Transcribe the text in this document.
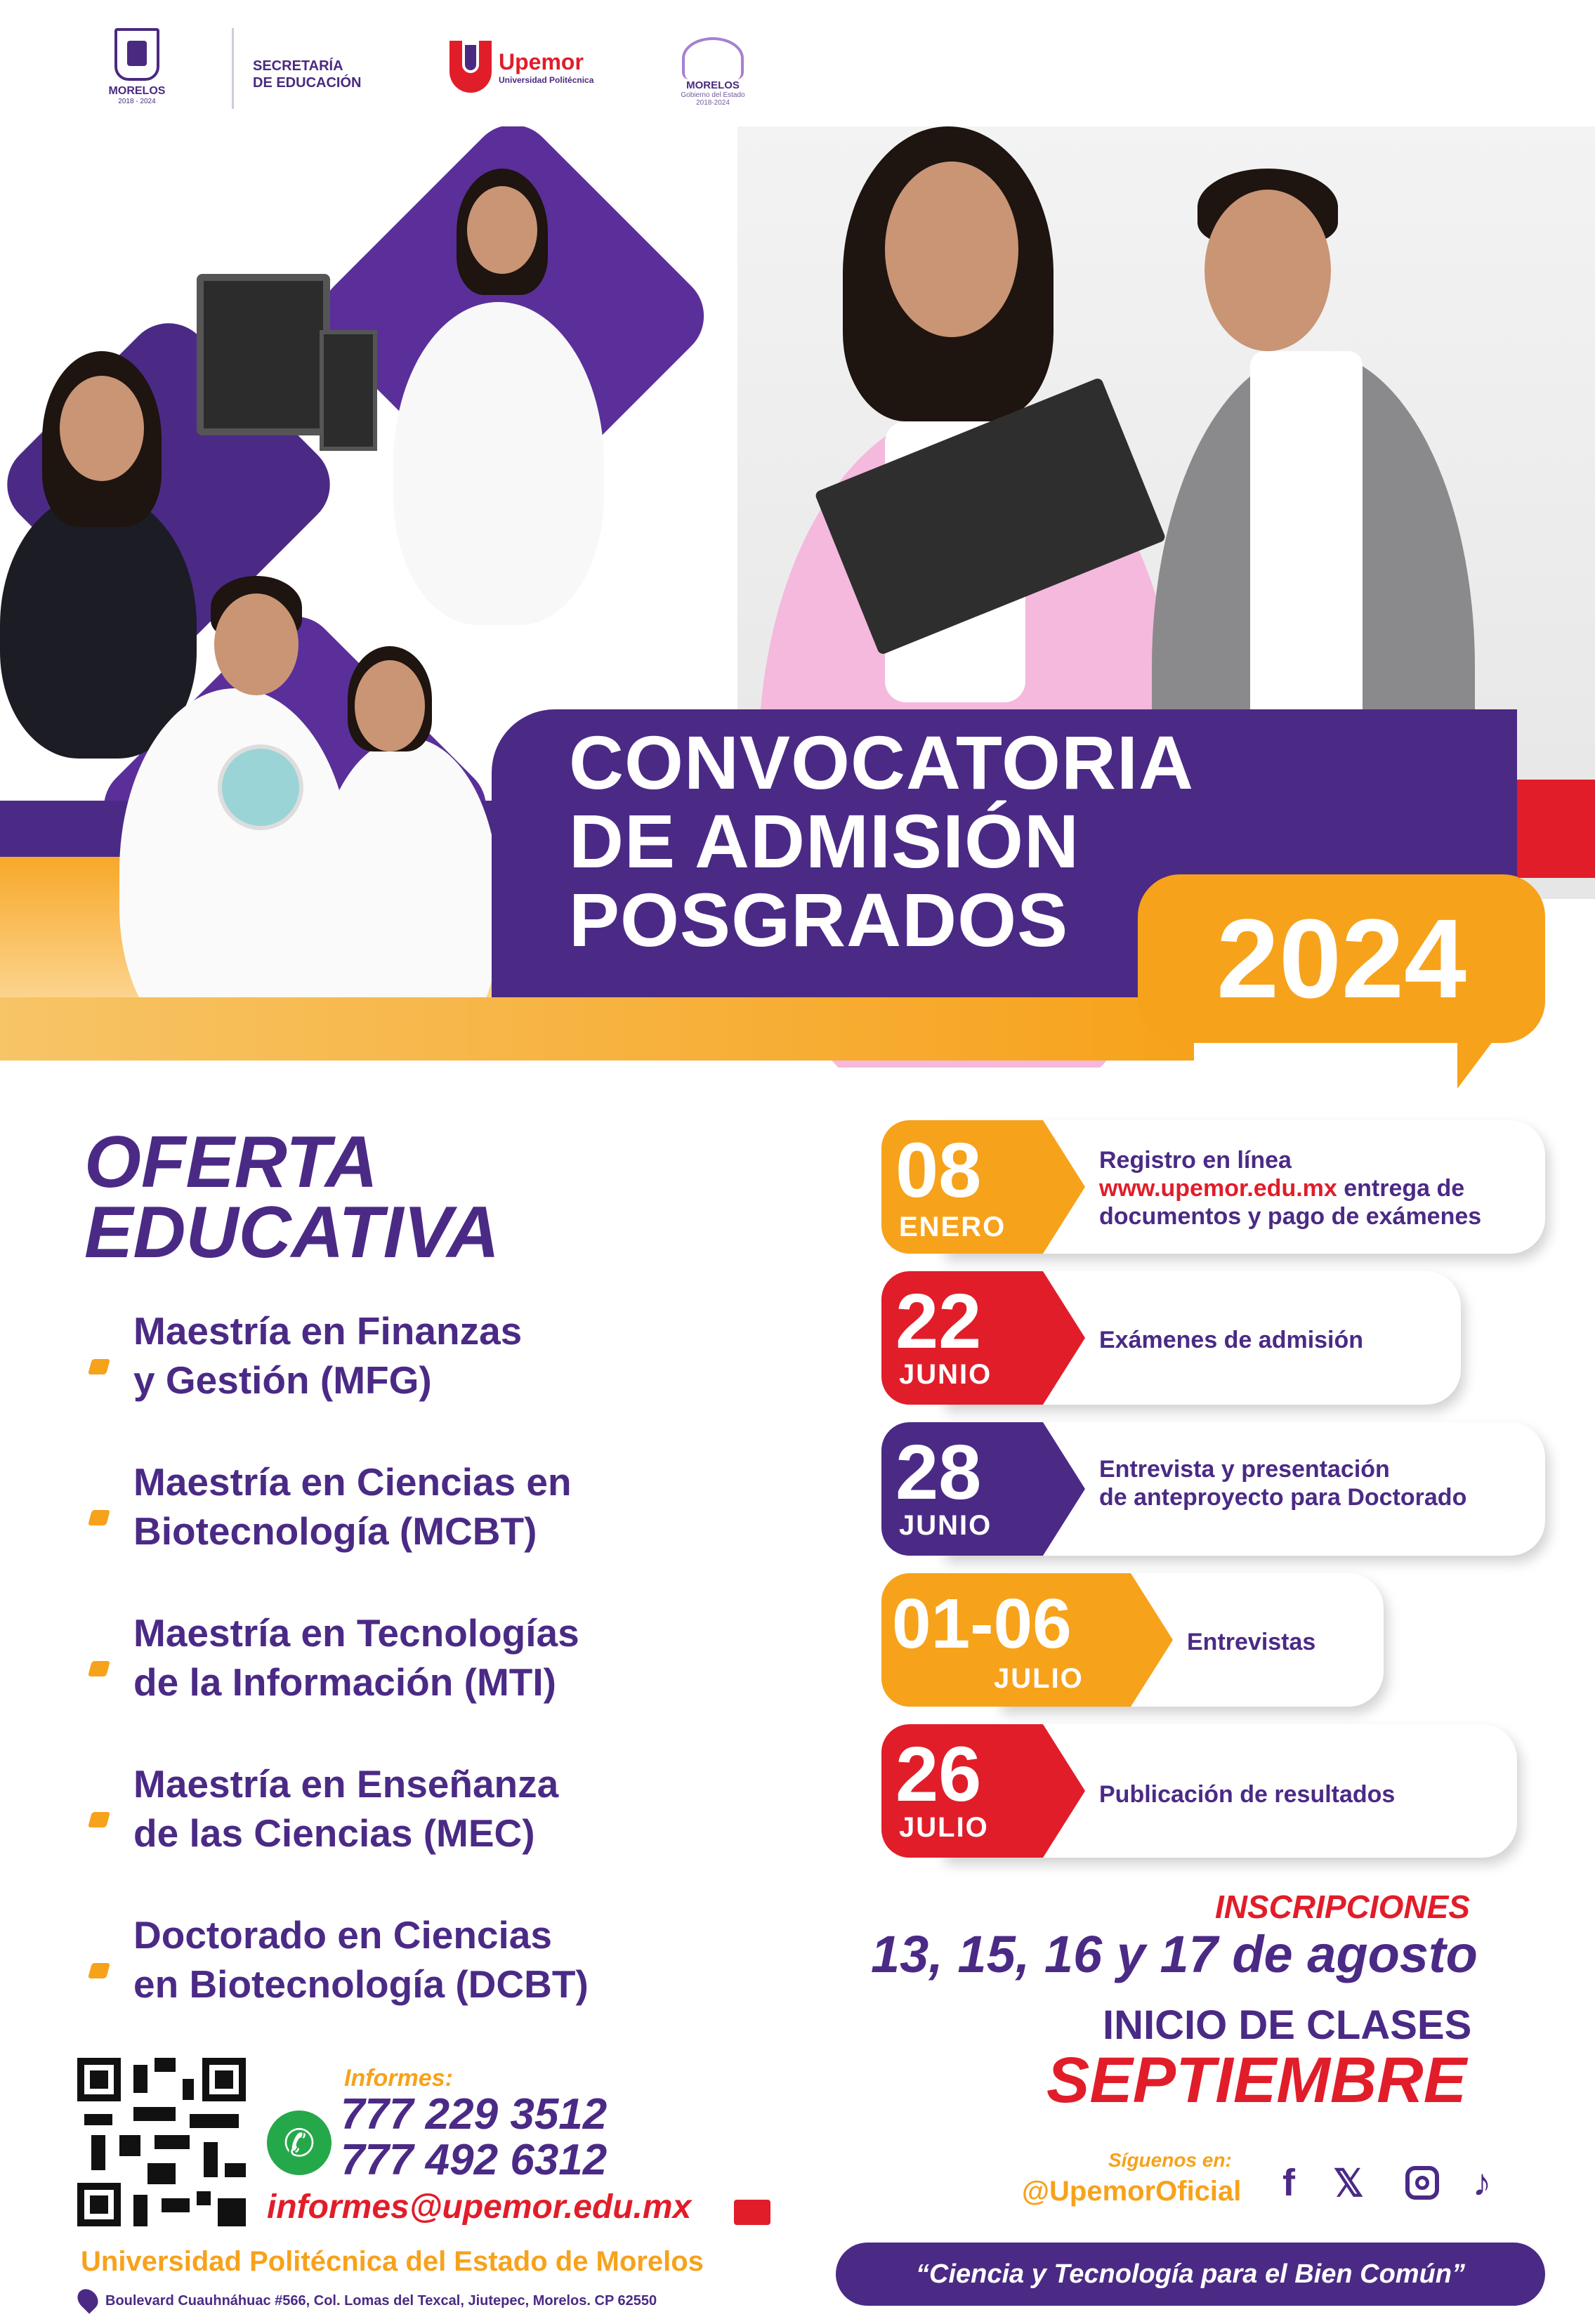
MORELOS
2018 - 2024
SECRETARÍA
DE EDUCACIÓN
Upemor
Universidad Politécnica	MORELOS
Gobierno del Estado
2018-2024
CONVOCATORIA
DE ADMISIÓN
POSGRADOS	2024
OFERTA
EDUCATIVA
Maestría en Finanzas
y Gestión (MFG)
Maestría en Ciencias en
Biotecnología (MCBT)
Maestría en Tecnologías
de la Información (MTI)
Maestría en Enseñanza
de las Ciencias (MEC)
Doctorado en Ciencias
en Biotecnología (DCBT)
08
ENERO
Registro en línea
www.upemor.edu.mx entrega de
documentos y pago de exámenes
22
JUNIO
Exámenes de admisión
28
JUNIO
Entrevista y presentación
de anteproyecto para Doctorado
01-06
JULIO
Entrevistas
26
JULIO
Publicación de resultados
INSCRIPCIONES
13, 15, 16 y 17 de agosto
INICIO DE CLASES
SEPTIEMBRE
Informes:
✆
777 229 3512
777 492 6312
informes@upemor.edu.mx
Universidad Politécnica del Estado de Morelos
Boulevard Cuauhnáhuac #566, Col. Lomas del Texcal, Jiutepec, Morelos. CP 62550
Síguenos en:
@UpemorOficial	f	𝕏	♪
“Ciencia y Tecnología para el Bien Común”
